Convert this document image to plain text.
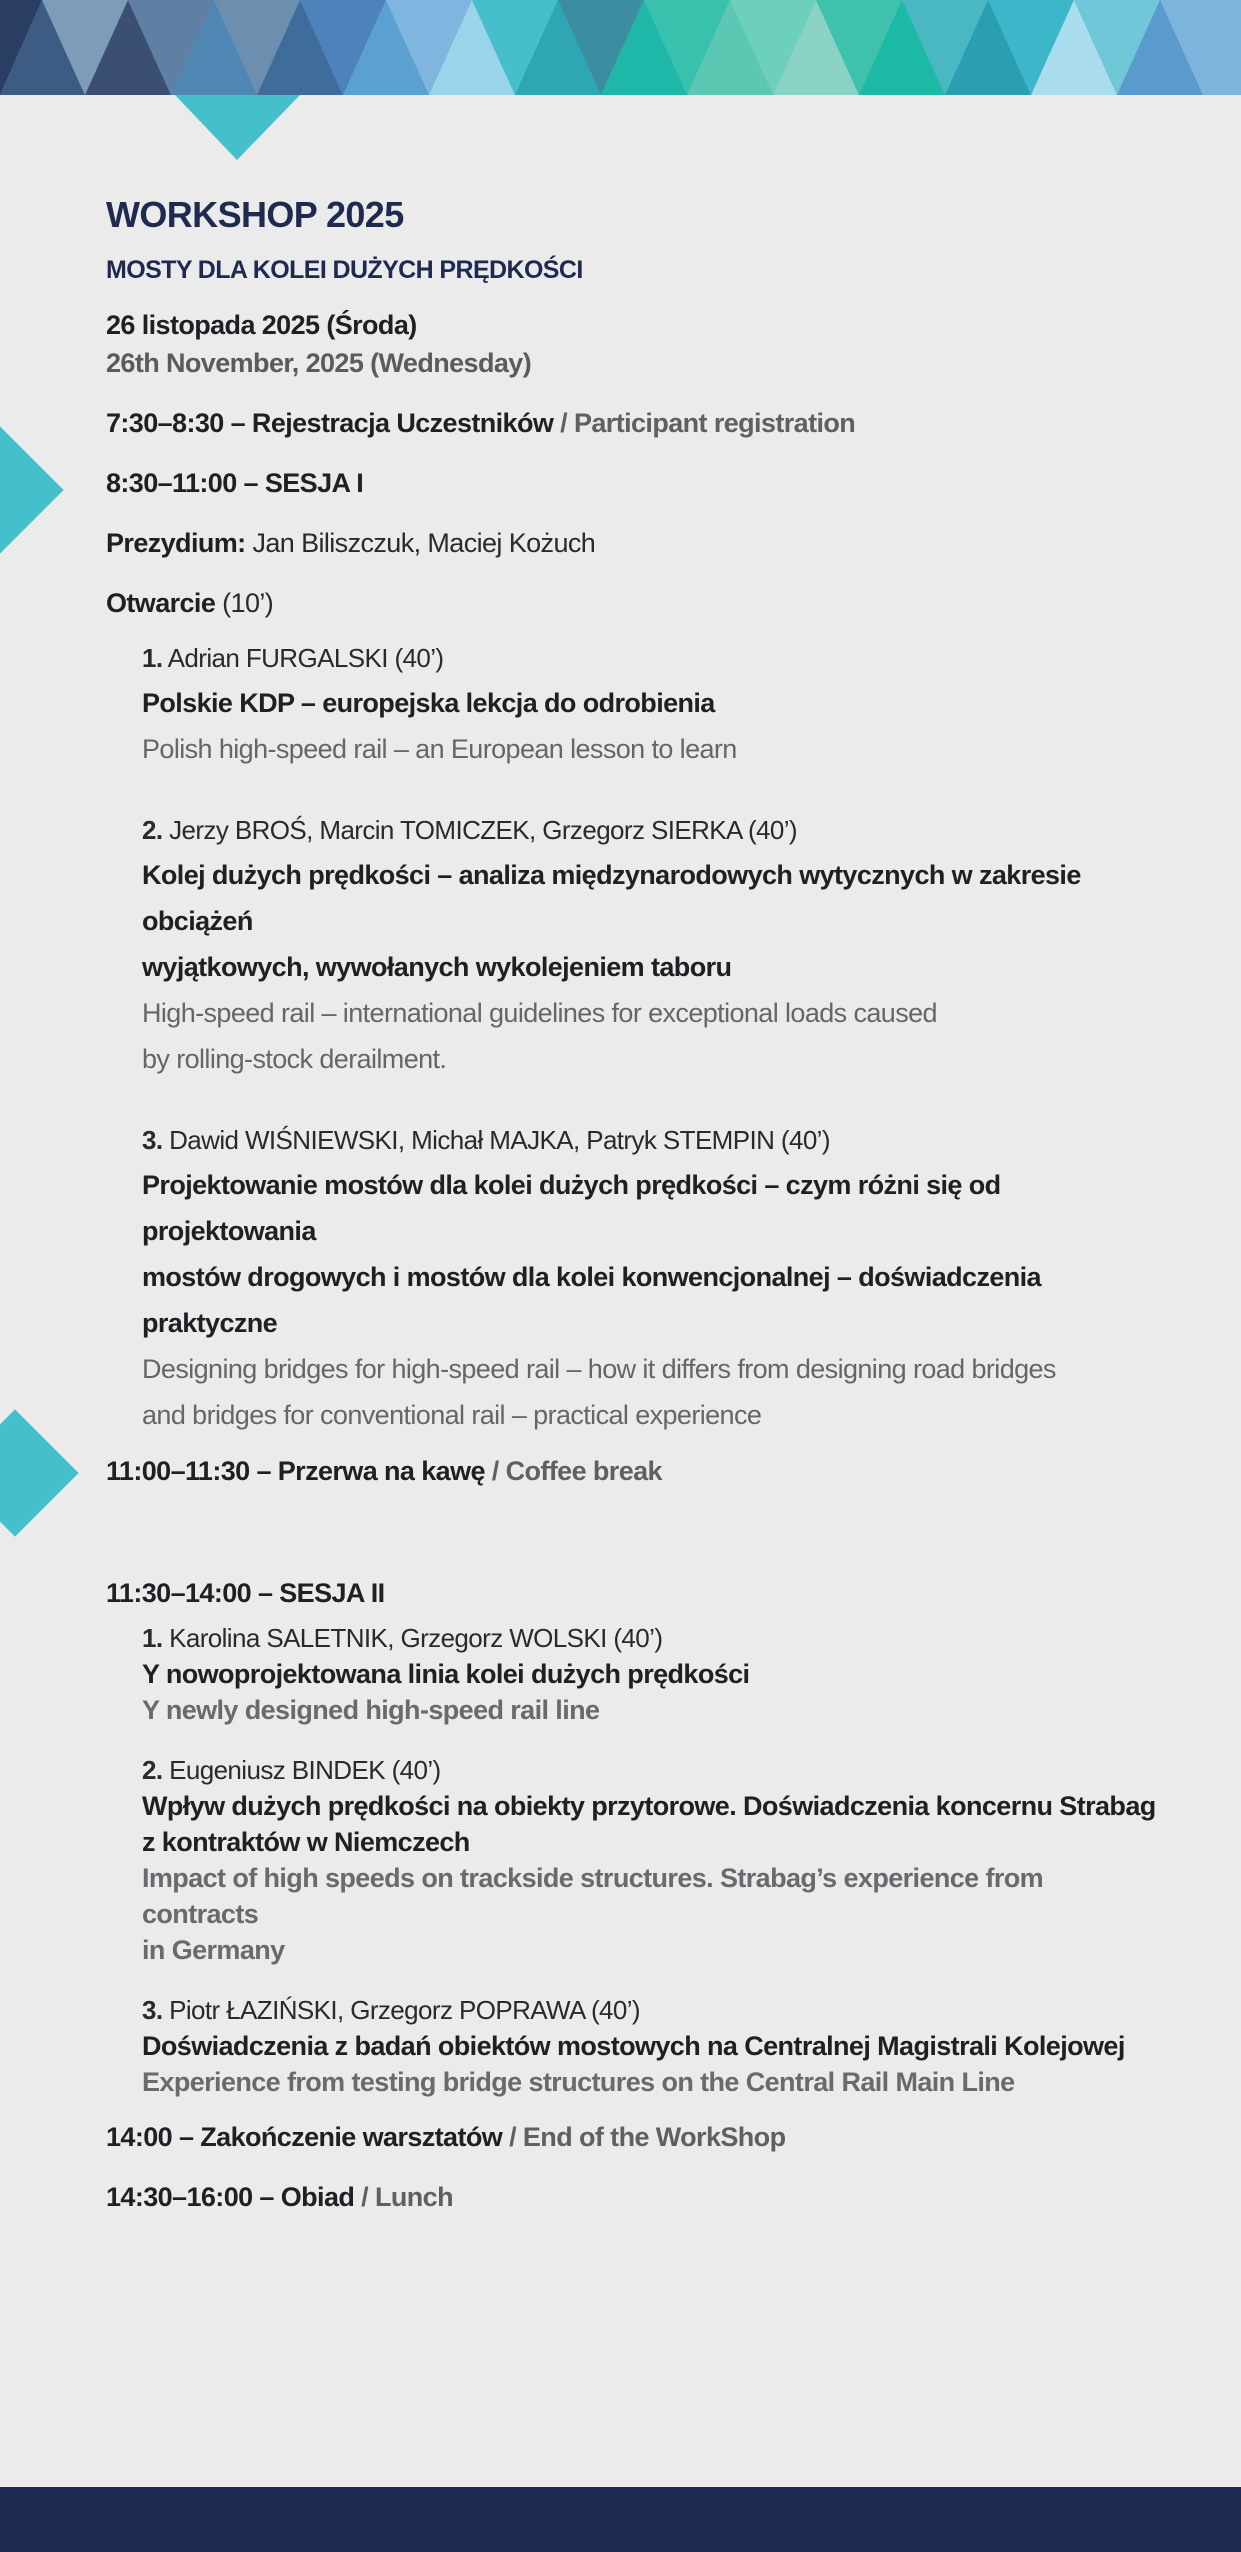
WORKSHOP 2025
MOSTY DLA KOLEI DUŻYCH PRĘDKOŚCI
26 listopada 2025 (Środa)
26th November, 2025 (Wednesday)
7:30–8:30 – Rejestracja Uczestników / Participant registration
8:30–11:00 – SESJA I
Prezydium: Jan Biliszczuk, Maciej Kożuch
Otwarcie (10’)
1. Adrian FURGALSKI (40’)
Polskie KDP – europejska lekcja do odrobienia
Polish high-speed rail – an European lesson to learn
2. Jerzy BROŚ, Marcin TOMICZEK, Grzegorz SIERKA (40’)
Kolej dużych prędkości – analiza międzynarodowych wytycznych w zakresie obciążeń
wyjątkowych, wywołanych wykolejeniem taboru
High-speed rail – international guidelines for exceptional loads caused
by rolling-stock derailment.
3. Dawid WIŚNIEWSKI, Michał MAJKA, Patryk STEMPIN (40’)
Projektowanie mostów dla kolei dużych prędkości – czym różni się od projektowania
mostów drogowych i mostów dla kolei konwencjonalnej – doświadczenia praktyczne
Designing bridges for high-speed rail – how it differs from designing road bridges
and bridges for conventional rail – practical experience
11:00–11:30 – Przerwa na kawę / Coffee break
11:30–14:00 – SESJA II
1. Karolina SALETNIK, Grzegorz WOLSKI (40’)
Y nowoprojektowana linia kolei dużych prędkości
Y newly designed high-speed rail line
2. Eugeniusz BINDEK (40’)
Wpływ dużych prędkości na obiekty przytorowe. Doświadczenia koncernu Strabag
z kontraktów w Niemczech
Impact of high speeds on trackside structures. Strabag’s experience from contracts
in Germany
3. Piotr ŁAZIŃSKI, Grzegorz POPRAWA (40’)
Doświadczenia z badań obiektów mostowych na Centralnej Magistrali Kolejowej
Experience from testing bridge structures on the Central Rail Main Line
14:00 – Zakończenie warsztatów / End of the WorkShop
14:30–16:00 – Obiad / Lunch
